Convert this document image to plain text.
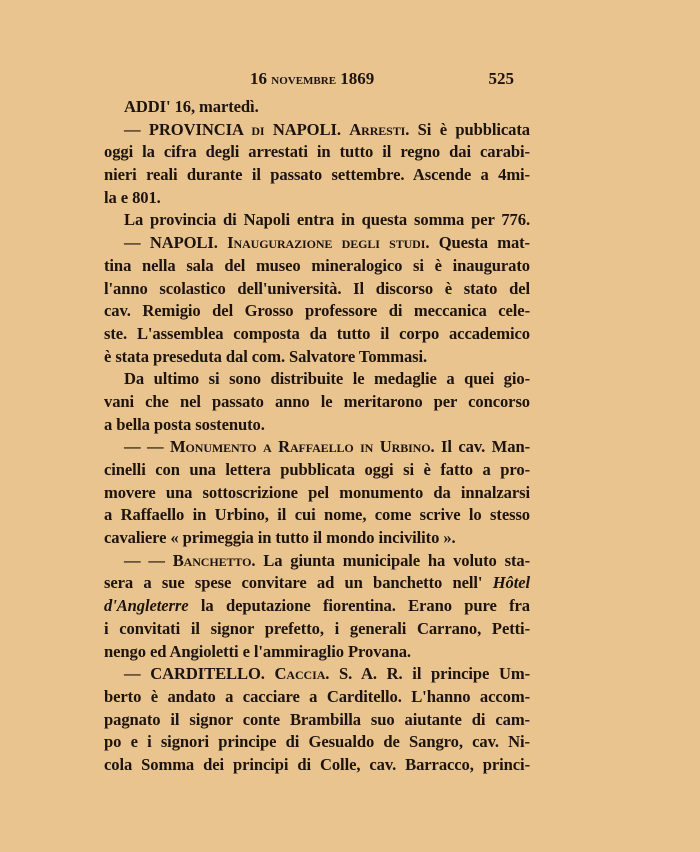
16 novembre 1869	525
ADDI' 16, martedì.
— PROVINCIA di NAPOLI. Arresti. Si è pubblicata
oggi la cifra degli arrestati in tutto il regno dai carabi-
nieri reali durante il passato settembre. Ascende a 4mi-
la e 801.
La provincia di Napoli entra in questa somma per 776.
— NAPOLI. Inaugurazione degli studi. Questa mat-
tina nella sala del museo mineralogico si è inaugurato
l'anno scolastico dell'università. Il discorso è stato del
cav. Remigio del Grosso professore di meccanica cele-
ste. L'assemblea composta da tutto il corpo accademico
è stata preseduta dal com. Salvatore Tommasi.
Da ultimo si sono distribuite le medaglie a quei gio-
vani che nel passato anno le meritarono per concorso
a bella posta sostenuto.
— — Monumento a Raffaello in Urbino. Il cav. Man-
cinelli con una lettera pubblicata oggi si è fatto a pro-
movere una sottoscrizione pel monumento da innalzarsi
a Raffaello in Urbino, il cui nome, come scrive lo stesso
cavaliere « primeggia in tutto il mondo incivilito ».
— — Banchetto. La giunta municipale ha voluto sta-
sera a sue spese convitare ad un banchetto nell' Hôtel
d'Angleterre la deputazione fiorentina. Erano pure fra
i convitati il signor prefetto, i generali Carrano, Petti-
nengo ed Angioletti e l'ammiraglio Provana.
— CARDITELLO. Caccia. S. A. R. il principe Um-
berto è andato a cacciare a Carditello. L'hanno accom-
pagnato il signor conte Brambilla suo aiutante di cam-
po e i signori principe di Gesualdo de Sangro, cav. Ni-
cola Somma dei principi di Colle, cav. Barracco, princi-
